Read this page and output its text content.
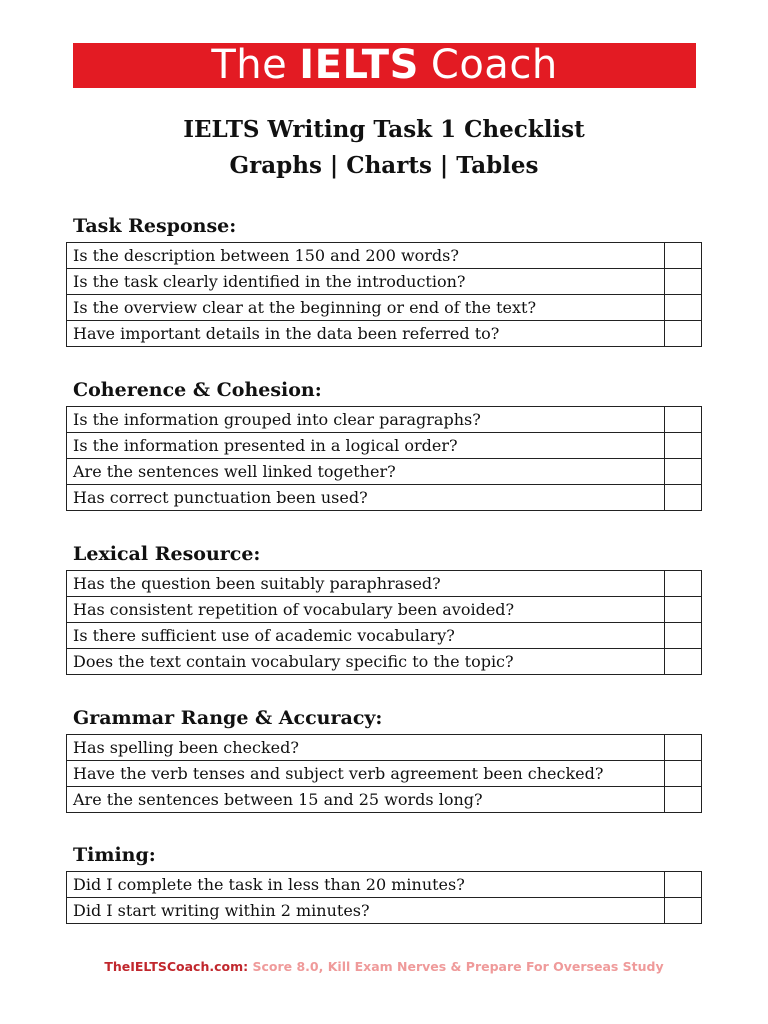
The IELTS Coach
IELTS Writing Task 1 Checklist
Graphs | Charts | Tables
Task Response:
Is the description between 150 and 200 words?	
Is the task clearly identified in the introduction?	
Is the overview clear at the beginning or end of the text?	
Have important details in the data been referred to?	
Coherence & Cohesion:
Is the information grouped into clear paragraphs?	
Is the information presented in a logical order?	
Are the sentences well linked together?	
Has correct punctuation been used?	
Lexical Resource:
Has the question been suitably paraphrased?	
Has consistent repetition of vocabulary been avoided?	
Is there sufficient use of academic vocabulary?	
Does the text contain vocabulary specific to the topic?	
Grammar Range & Accuracy:
Has spelling been checked?	
Have the verb tenses and subject verb agreement been checked?	
Are the sentences between 15 and 25 words long?	
Timing:
Did I complete the task in less than 20 minutes?	
Did I start writing within 2 minutes?	
TheIELTSCoach.com: Score 8.0, Kill Exam Nerves & Prepare For Overseas Study
